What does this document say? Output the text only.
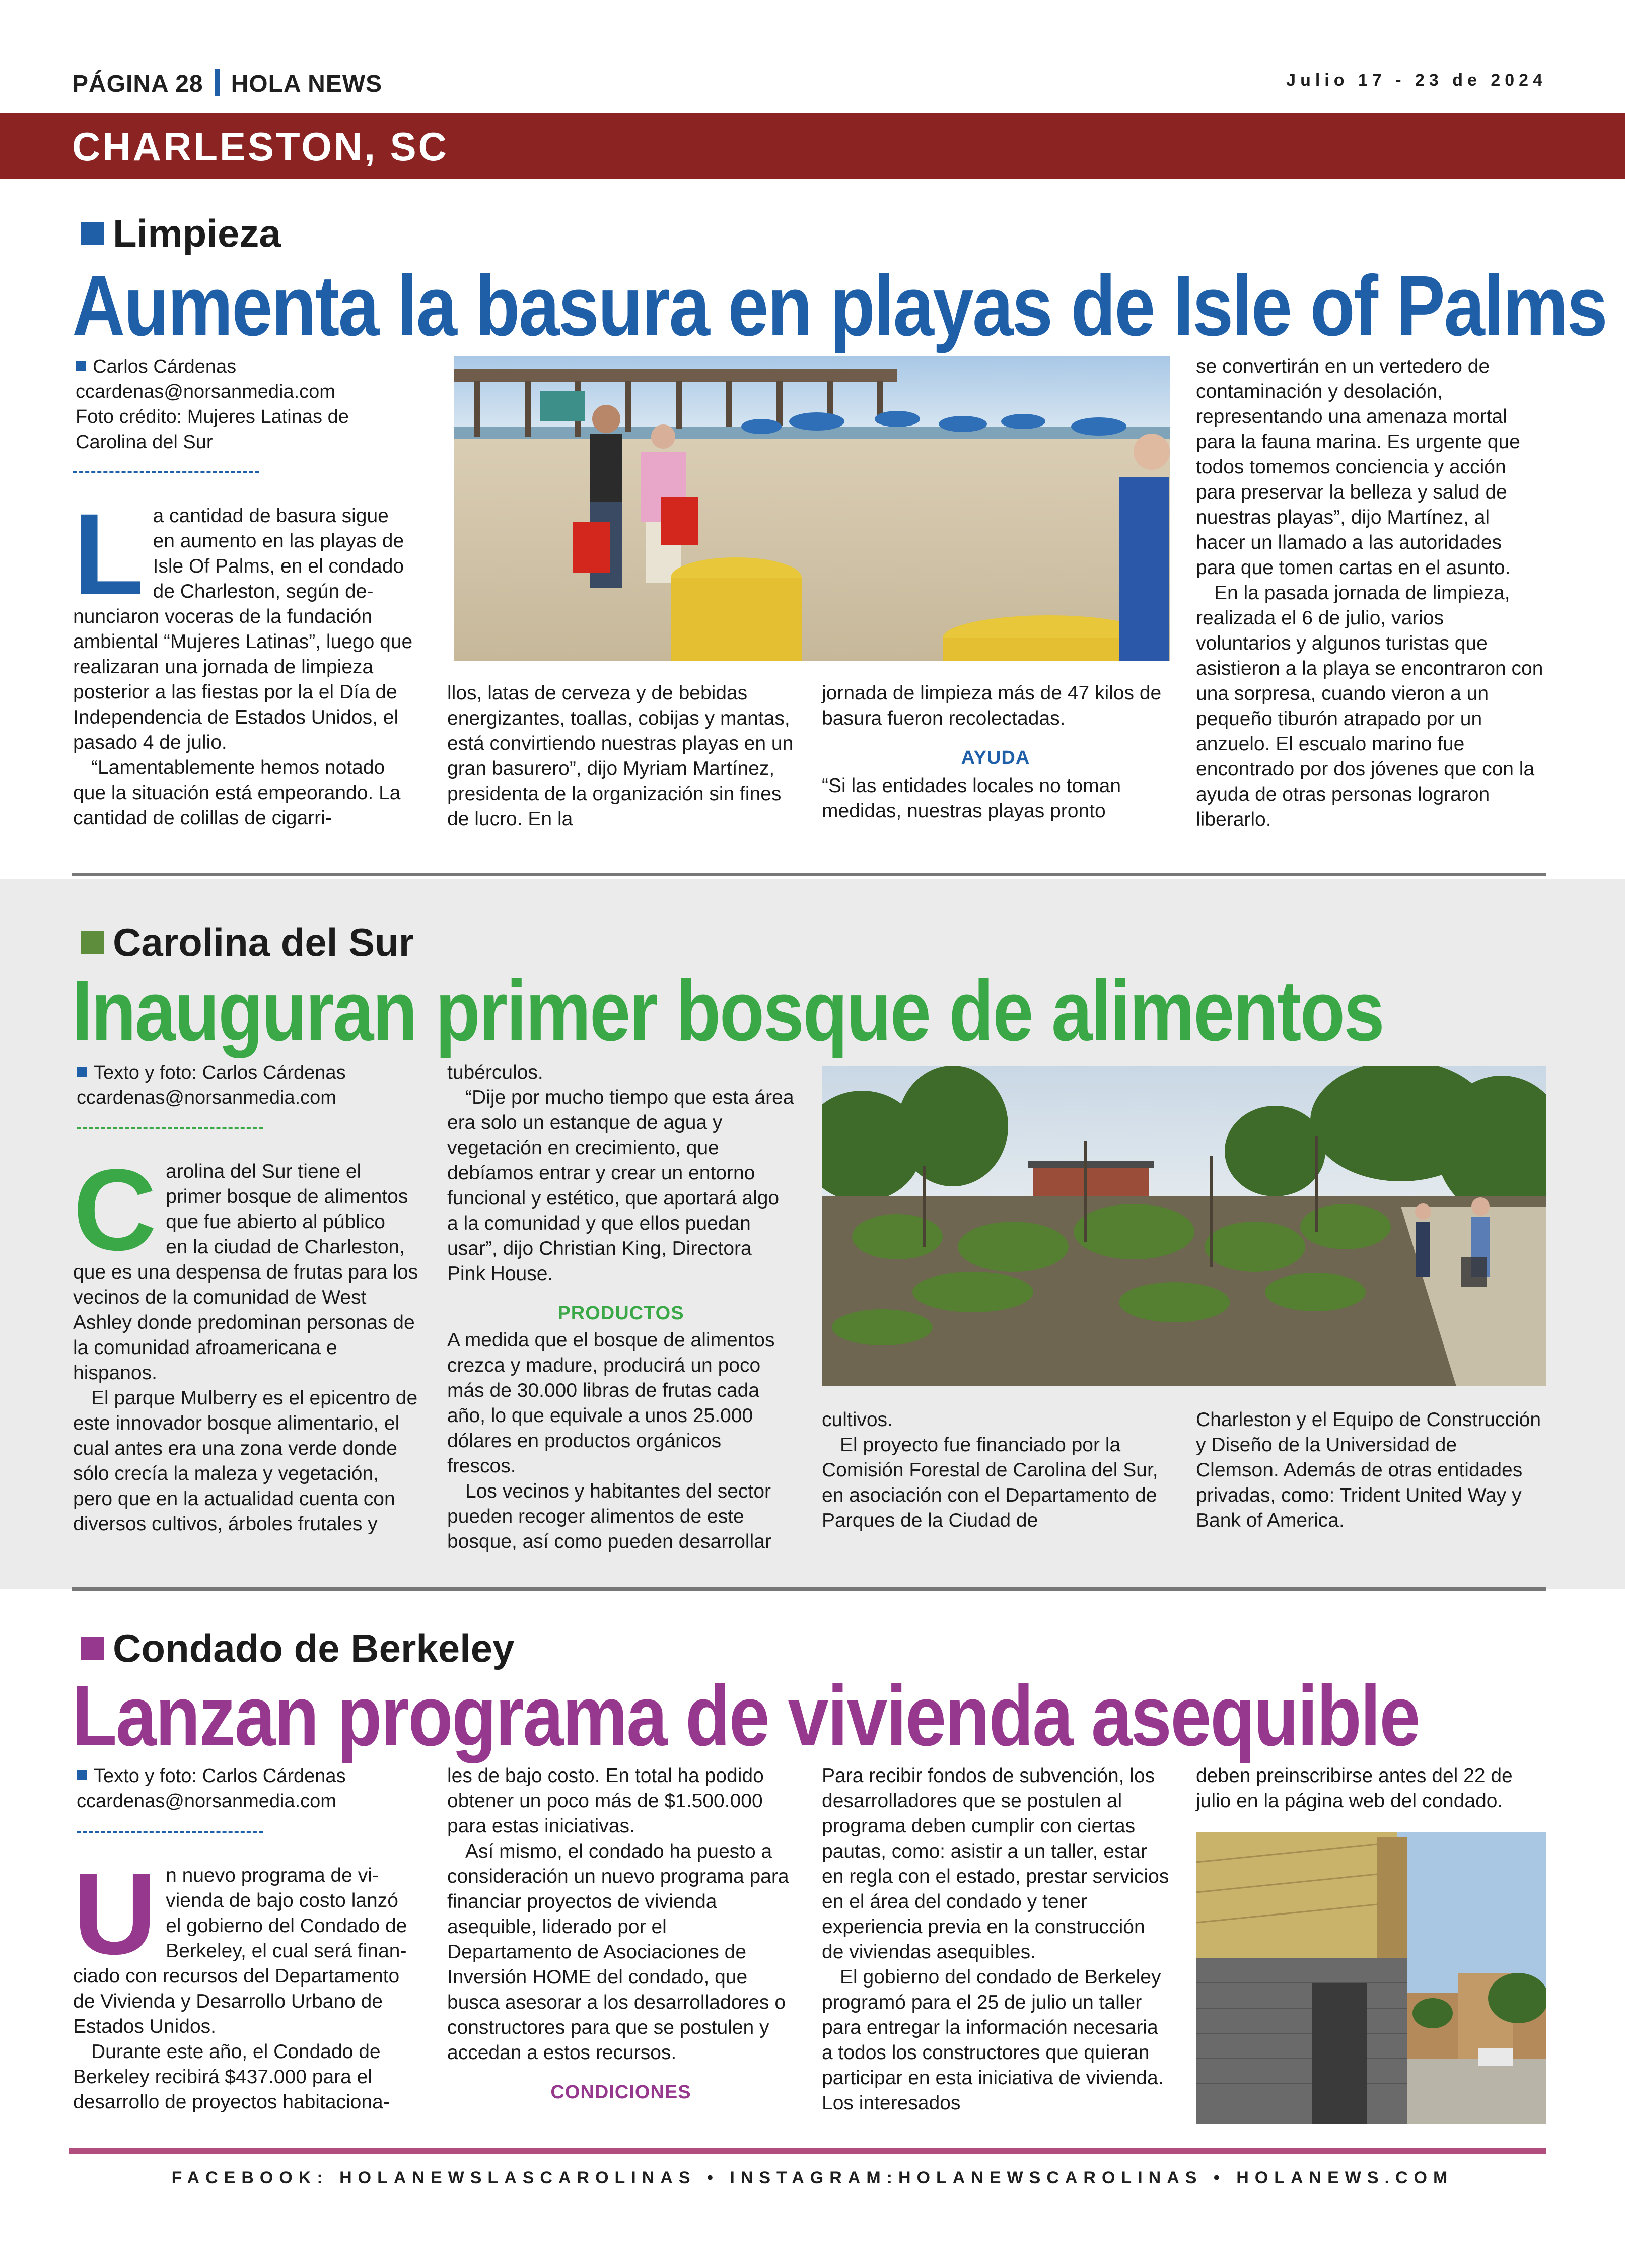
PÁGINA 28 HOLA NEWS	Julio 17 - 23 de 2024
CHARLESTON, SC
Limpieza
Aumenta la basura en playas de Isle of Palms
Carlos Cárdenas
ccardenas@norsanmedia.com
Foto crédito: Mujeres Latinas de
Carolina del Sur
L a cantidad de basura sigue
en aumento en las playas de
Isle Of Palms, en el condado
de Charleston, según de-

nunciaron voceras de la fundación ambiental “Mujeres Latinas”, luego que realizaran una jornada de limpieza posterior a las fiestas por la el Día de Independencia de Estados Unidos, el pasado 4 de julio.

“Lamentablemente hemos notado que la situación está empeorando. La cantidad de colillas de cigarri-

llos, latas de cerveza y de bebidas energizantes, toallas, cobijas y mantas, está convirtiendo nuestras playas en un gran basurero”, dijo Myriam Martínez, presidenta de la organización sin fines de lucro. En la

jornada de limpieza más de 47 kilos de basura fueron recolectadas.

AYUDA

“Si las entidades locales no toman medidas, nuestras playas pronto

se convertirán en un vertedero de contaminación y desolación, representando una amenaza mortal para la fauna marina. Es urgente que todos tomemos conciencia y acción para preservar la belleza y salud de nuestras playas”, dijo Martínez, al hacer un llamado a las autoridades para que tomen cartas en el asunto.

En la pasada jornada de limpieza, realizada el 6 de julio, varios voluntarios y algunos turistas que asistieron a la playa se encontraron con una sorpresa, cuando vieron a un pequeño tiburón atrapado por un anzuelo. El escualo marino fue encontrado por dos jóvenes que con la ayuda de otras personas lograron liberarlo.

Carolina del Sur
Inauguran primer bosque de alimentos
Texto y foto: Carlos Cárdenas
ccardenas@norsanmedia.com
C arolina del Sur tiene el
primer bosque de alimentos
que fue abierto al público
en la ciudad de Charleston,

que es una despensa de frutas para los vecinos de la comunidad de West Ashley donde predominan personas de la comunidad afroamericana e hispanos.

El parque Mulberry es el epicentro de este innovador bosque alimentario, el cual antes era una zona verde donde sólo crecía la maleza y vegetación, pero que en la actualidad cuenta con diversos cultivos, árboles frutales y

tubérculos.

“Dije por mucho tiempo que esta área era solo un estanque de agua y vegetación en crecimiento, que debíamos entrar y crear un entorno funcional y estético, que aportará algo a la comunidad y que ellos puedan usar”, dijo Christian King, Directora Pink House.

PRODUCTOS

A medida que el bosque de alimentos crezca y madure, producirá un poco más de 30.000 libras de frutas cada año, lo que equivale a unos 25.000 dólares en productos orgánicos frescos.

Los vecinos y habitantes del sector pueden recoger alimentos de este bosque, así como pueden desarrollar

cultivos.

El proyecto fue financiado por la Comisión Forestal de Carolina del Sur, en asociación con el Departamento de Parques de la Ciudad de

Charleston y el Equipo de Construcción y Diseño de la Universidad de Clemson. Además de otras entidades privadas, como: Trident United Way y Bank of America.

Condado de Berkeley
Lanzan programa de vivienda asequible
Texto y foto: Carlos Cárdenas
ccardenas@norsanmedia.com
U n nuevo programa de vi-
vienda de bajo costo lanzó
el gobierno del Condado de
Berkeley, el cual será finan-

ciado con recursos del Departamento de Vivienda y Desarrollo Urbano de Estados Unidos.

Durante este año, el Condado de Berkeley recibirá $437.000 para el desarrollo de proyectos habitaciona-

les de bajo costo. En total ha podido obtener un poco más de $1.500.000 para estas iniciativas.

Así mismo, el condado ha puesto a consideración un nuevo programa para financiar proyectos de vivienda asequible, liderado por el Departamento de Asociaciones de Inversión HOME del condado, que busca asesorar a los desarrolladores o constructores para que se postulen y accedan a estos recursos.

CONDICIONES

Para recibir fondos de subvención, los desarrolladores que se postulen al programa deben cumplir con ciertas pautas, como: asistir a un taller, estar en regla con el estado, prestar servicios en el área del condado y tener experiencia previa en la construcción de viviendas asequibles.

El gobierno del condado de Berkeley programó para el 25 de julio un taller para entregar la información necesaria a todos los constructores que quieran participar en esta iniciativa de vivienda. Los interesados

deben preinscribirse antes del 22 de julio en la página web del condado.

FACEBOOK: HOLANEWSLASCAROLINAS • INSTAGRAM:HOLANEWSCAROLINAS • HOLANEWS.COM
